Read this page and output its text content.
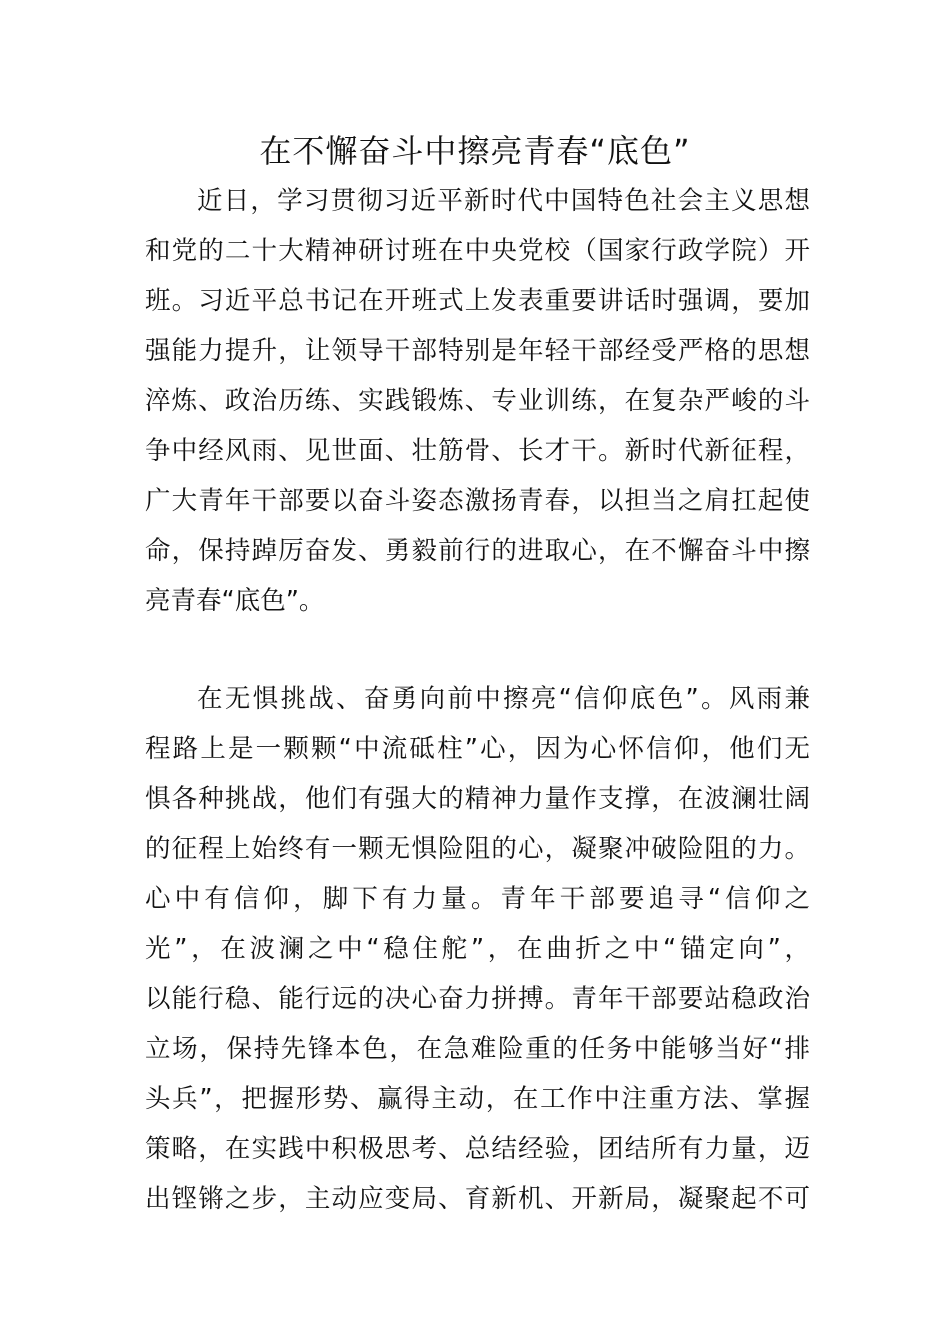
在不懈奋斗中擦亮青春“底色”
近日，学习贯彻习近平新时代中国特色社会主义思想
和党的二十大精神研讨班在中央党校（国家行政学院）开
班。习近平总书记在开班式上发表重要讲话时强调，要加
强能力提升，让领导干部特别是年轻干部经受严格的思想
淬炼、政治历练、实践锻炼、专业训练，在复杂严峻的斗
争中经风雨、见世面、壮筋骨、长才干。新时代新征程，
广大青年干部要以奋斗姿态激扬青春，以担当之肩扛起使
命，保持踔厉奋发、勇毅前行的进取心，在不懈奋斗中擦
亮青春“底色”。
在无惧挑战、奋勇向前中擦亮“信仰底色”。风雨兼
程路上是一颗颗“中流砥柱”心，因为心怀信仰，他们无
惧各种挑战，他们有强大的精神力量作支撑，在波澜壮阔
的征程上始终有一颗无惧险阻的心，凝聚冲破险阻的力。
心中有信仰，脚下有力量。青年干部要追寻“信仰之
光”，在波澜之中“稳住舵”，在曲折之中“锚定向”，
以能行稳、能行远的决心奋力拼搏。青年干部要站稳政治
立场，保持先锋本色，在急难险重的任务中能够当好“排
头兵”，把握形势、赢得主动，在工作中注重方法、掌握
策略，在实践中积极思考、总结经验，团结所有力量，迈
出铿锵之步，主动应变局、育新机、开新局，凝聚起不可
